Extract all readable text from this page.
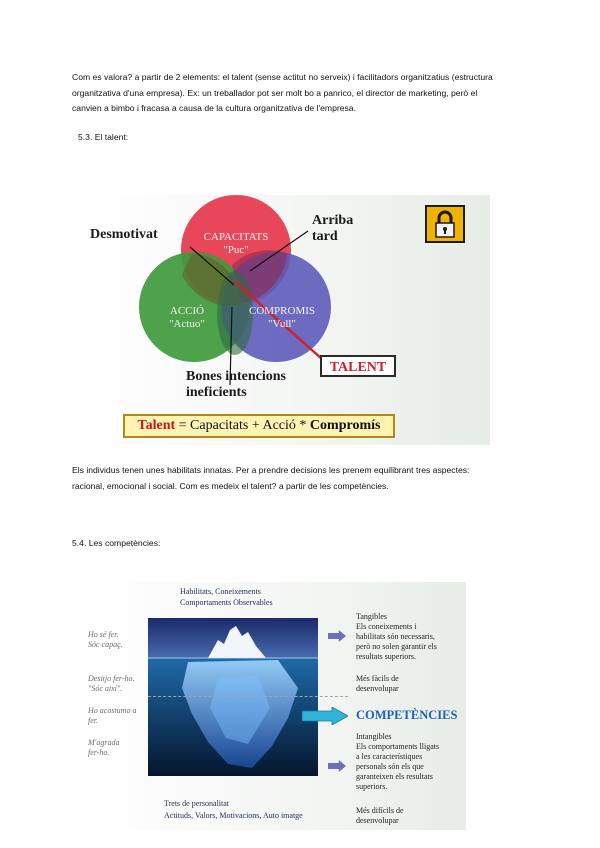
Com es valora? a partir de 2 elements: el talent (sense actitut no serveix) i facilitadors organitzatius (estructura
organitzativa d'una empresa). Ex: un treballador pot ser molt bo a panrico, el director de marketing, però el
canvien a bimbo i fracasa a causa de la cultura organitzativa de l'empresa.
5.3. El talent:
CAPACITATS
"Puc"
ACCIÓ
"Actuo"
COMPROMIS
"Vull"
Desmotivat
Arriba
tard
Bones intencions
ineficients
TALENT
Talent = Capacitats + Acció * Compromís
Els individus tenen unes habilitats innatas. Per a prendre decisions les prenem equilibrant tres aspectes:
racional, emocional i social. Com es medeix el talent? a partir de les competències.
5.4. Les competències:
Habilitats, Coneixements
Comportaments Observables
Ho sé fer.
Sóc capaç.
Desitjo fer-ho.
"Sóc així".
Ho acostumo a
fer.
M'agrada
fer-ho.
Tangibles
Els coneixements i
habilitats són necessaris,
però no solen garantir els
resultats superiors.
Més fàcils de
desenvolupar
COMPETÈNCIES
Intangibles
Els comportaments lligats
a les característiques
personals són els que
garanteixen els resultats
superiors.
Més difícils de
desenvolupar
Trets de personalitat
Actituds, Valors, Motivacions, Auto imatge
